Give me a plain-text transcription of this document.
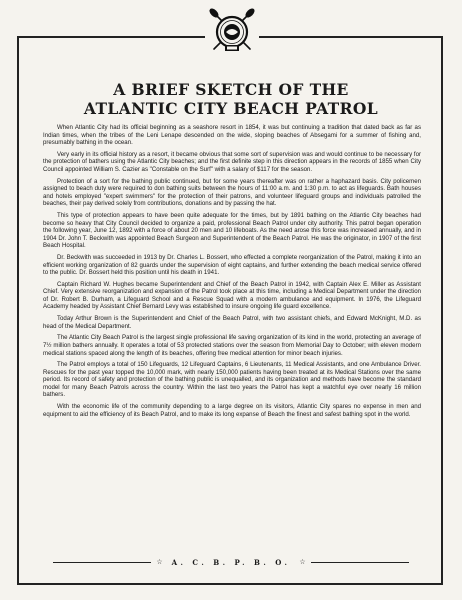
A BRIEF SKETCH OF THE
ATLANTIC CITY BEACH PATROL

When Atlantic City had its official beginning as a seashore resort in 1854, it was but continuing a tradition that dated back as far as Indian times, when the tribes of the Leni Lenape descended on the wide, sloping beaches of Absegami for a summer of fishing and, presumably bathing in the ocean.

Very early in its official history as a resort, it became obvious that some sort of supervision was and would continue to be necessary for the protection of bathers using the Atlantic City beaches; and the first definite step in this direction appears in the records of 1855 when City Council appointed William S. Cazier as "Constable on the Surf" with a salary of $117 for the season.

Protection of a sort for the bathing public continued, but for some years thereafter was on rather a haphazard basis. City policemen assigned to beach duty were required to don bathing suits between the hours of 11:00 a.m. and 1:30 p.m. to act as lifeguards. Bath houses and hotels employed "expert swimmers" for the protection of their patrons, and volunteer lifeguard groups and individuals patrolled the beaches, their pay derived solely from contributions, donations and by passing the hat.

This type of protection appears to have been quite adequate for the times, but by 1891 bathing on the Atlantic City beaches had become so heavy that City Council decided to organize a paid, professional Beach Patrol under city authority. This patrol began operation the following year, June 12, 1892 with a force of about 20 men and 10 lifeboats. As the need arose this force was increased annually, and in 1904 Dr. John T. Beckwith was appointed Beach Surgeon and Superintendent of the Beach Patrol. He was the originator, in 1907 of the first Beach Hospital.

Dr. Beckwith was succeeded in 1913 by Dr. Charles L. Bossert, who effected a complete reorganization of the Patrol, making it into an efficient working organization of 82 guards under the supervision of eight captains, and further extending the beach medical service offered to the public. Dr. Bossert held this position until his death in 1941.

Captain Richard W. Hughes became Superintendent and Chief of the Beach Patrol in 1942, with Captain Alex E. Miller as Assistant Chief. Very extensive reorganization and expansion of the Patrol took place at this time, including a Medical Department under the direction of Dr. Robert B. Durham, a Lifeguard School and a Rescue Squad with a modern ambulance and equipment. In 1976, the Lifeguard Academy headed by Assistant Chief Bernard Levy was established to insure ongoing life guard excellence.

Today Arthur Brown is the Superintendent and Chief of the Beach Patrol, with two assistant chiefs, and Edward McKnight, M.D. as head of the Medical Department.

The Atlantic City Beach Patrol is the largest single professional life saving organization of its kind in the world, protecting an average of 7½ million bathers annually. It operates a total of 53 protected stations over the season from Memorial Day to October; with eleven modern medical stations spaced along the length of its beaches, offering free medical attention for minor beach injuries.

The Patrol employs a total of 150 Lifeguards, 12 Lifeguard Captains, 6 Lieutenants, 11 Medical Assistants, and one Ambulance Driver. Rescues for the past year topped the 10,000 mark, with nearly 150,000 patients having been treated at its Medical Stations over the same period. Its record of safety and protection of the bathing public is unequalled, and its organization and methods have become the standard model for many Beach Patrols across the country. Within the last two years the Patrol has kept a watchful eye over nearly 16 million bathers.

With the economic life of the community depending to a large degree on its visitors, Atlantic City spares no expense in men and equipment to aid the efficiency of its Beach Patrol, and to make its long expanse of Beach the finest and safest bathing spot in the world.

☆ A. C. B. P. B. O. ☆
